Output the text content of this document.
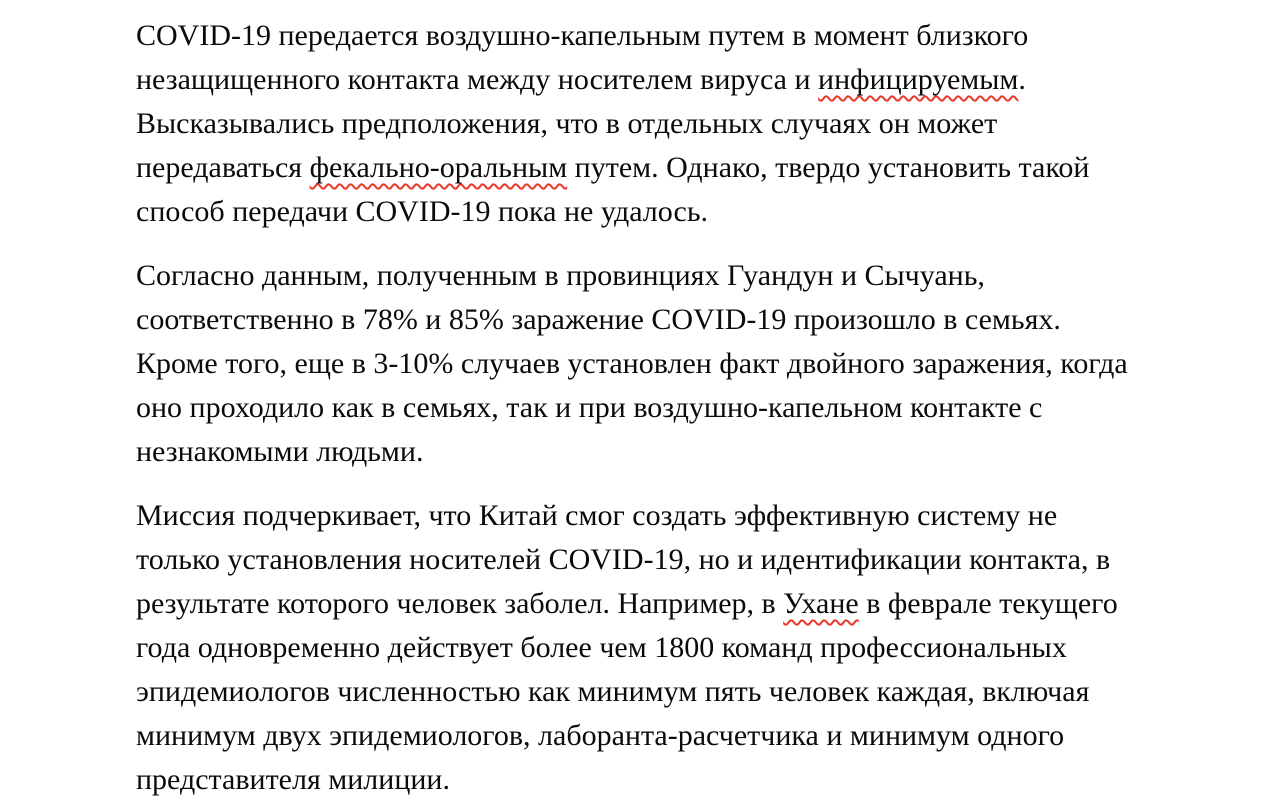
COVID-19 передается воздушно-капельным путем в момент близкого
незащищенного контакта между носителем вируса и инфицируемым.
Высказывались предположения, что в отдельных случаях он может
передаваться фекально-оральным путем. Однако, твердо установить такой
способ передачи COVID-19 пока не удалось.
Согласно данным, полученным в провинциях Гуандун и Сычуань,
соответственно в 78% и 85% заражение COVID-19 произошло в семьях.
Кроме того, еще в 3-10% случаев установлен факт двойного заражения, когда
оно проходило как в семьях, так и при воздушно-капельном контакте с
незнакомыми людьми.
Миссия подчеркивает, что Китай смог создать эффективную систему не
только установления носителей COVID-19, но и идентификации контакта, в
результате которого человек заболел. Например, в Ухане в феврале текущего
года одновременно действует более чем 1800 команд профессиональных
эпидемиологов численностью как минимум пять человек каждая, включая
минимум двух эпидемиологов, лаборанта-расчетчика и минимум одного
представителя милиции.
